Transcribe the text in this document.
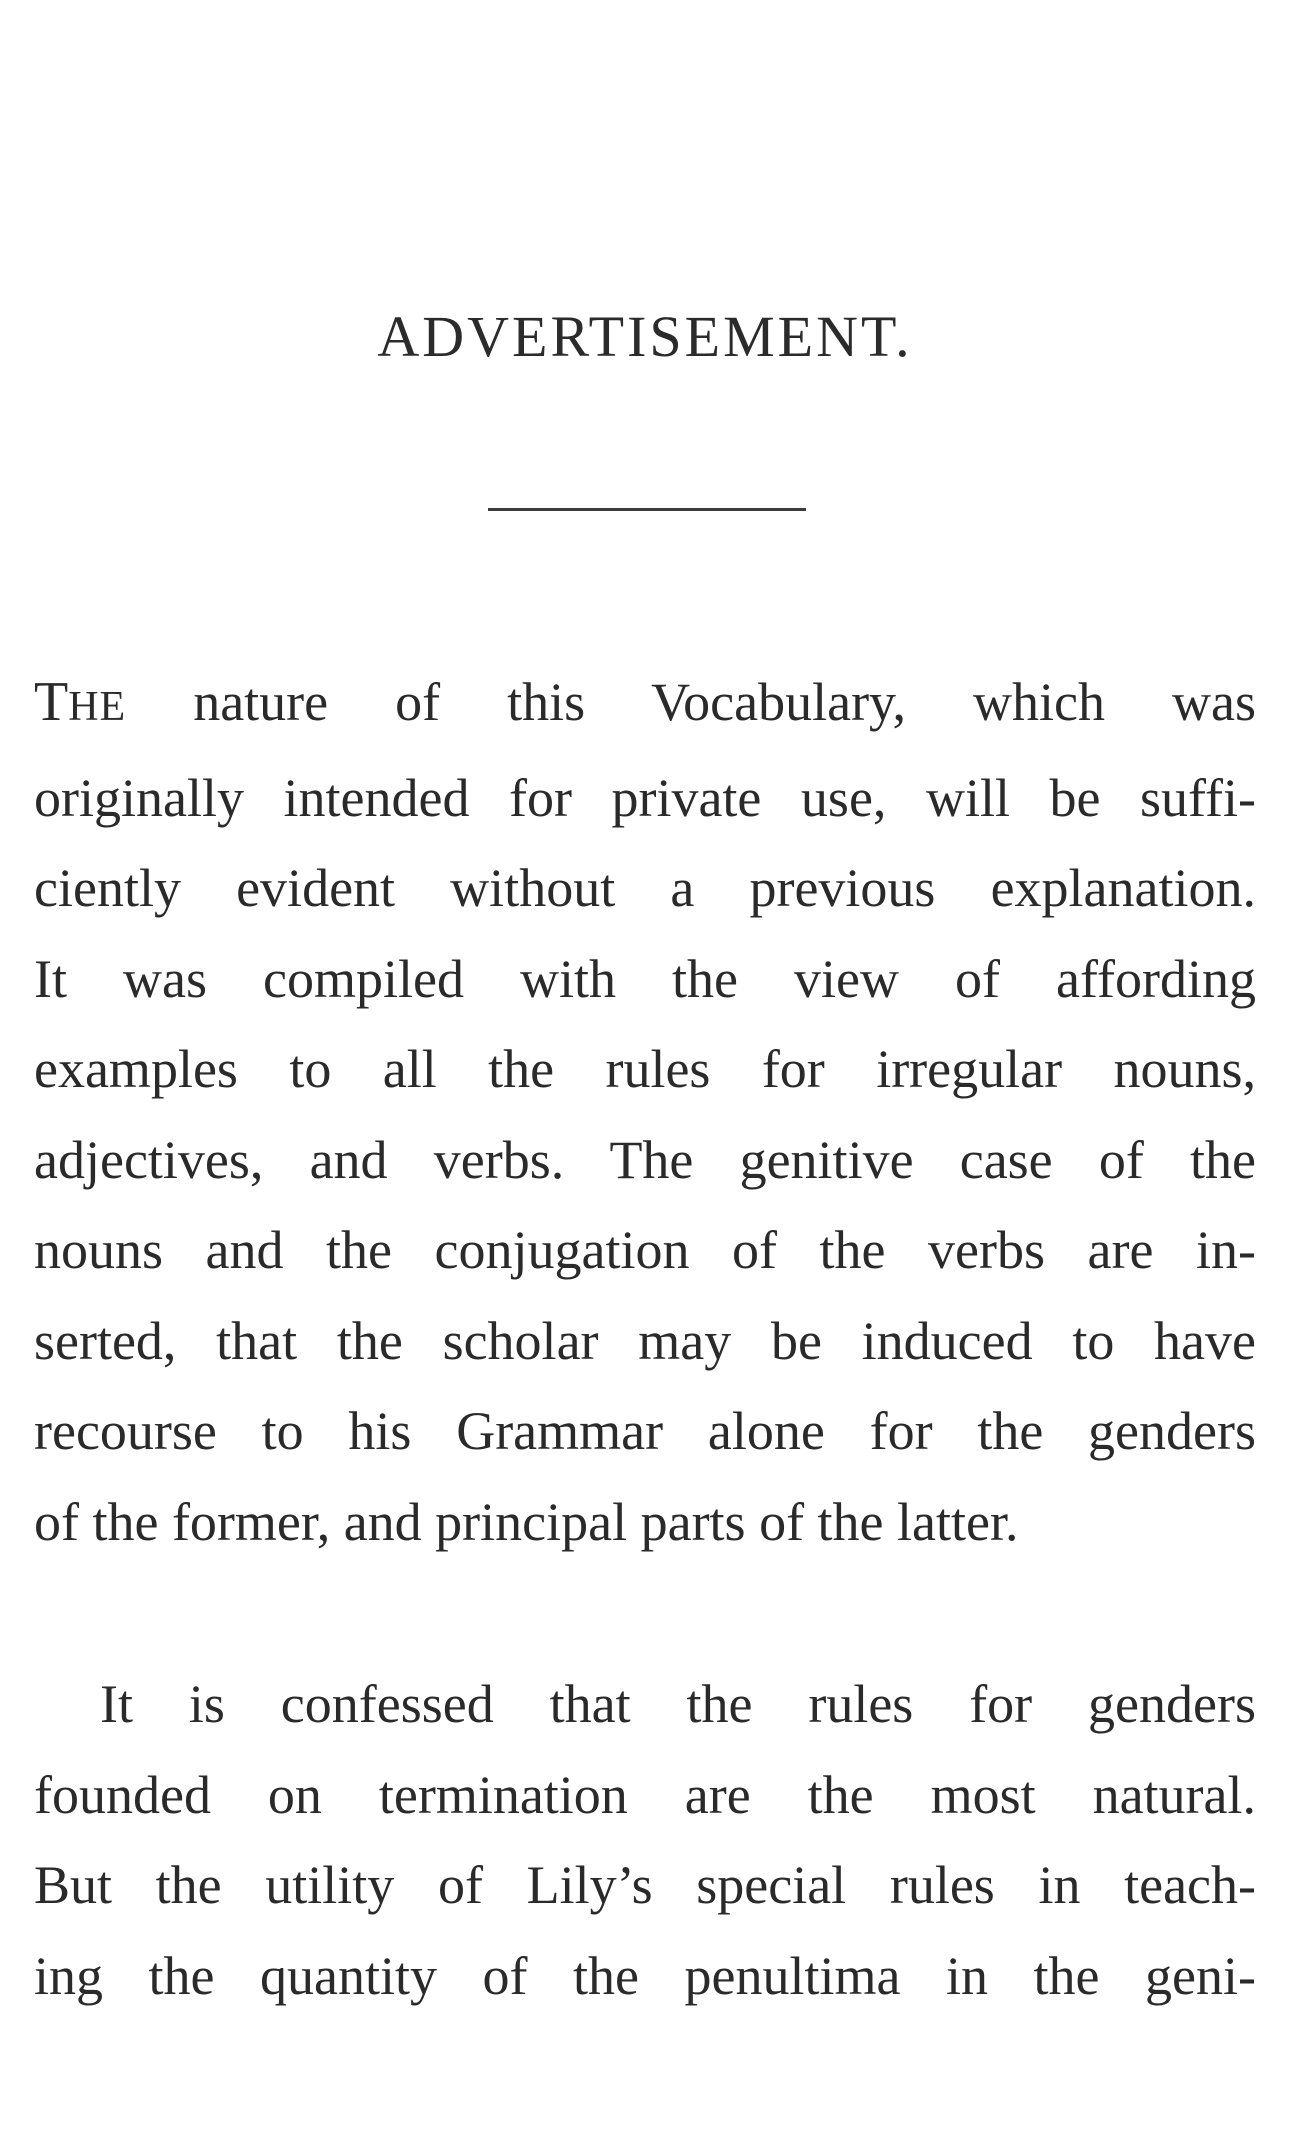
ADVERTISEMENT.
THE nature of this Vocabulary, which was
originally intended for private use, will be suffi-
ciently evident without a previous explanation.
It was compiled with the view of affording
examples to all the rules for irregular nouns,
adjectives, and verbs. The genitive case of the
nouns and the conjugation of the verbs are in-
serted, that the scholar may be induced to have
recourse to his Grammar alone for the genders
of the former, and principal parts of the latter.
It is confessed that the rules for genders
founded on termination are the most natural.
But the utility of Lily’s special rules in teach-
ing the quantity of the penultima in the geni-
